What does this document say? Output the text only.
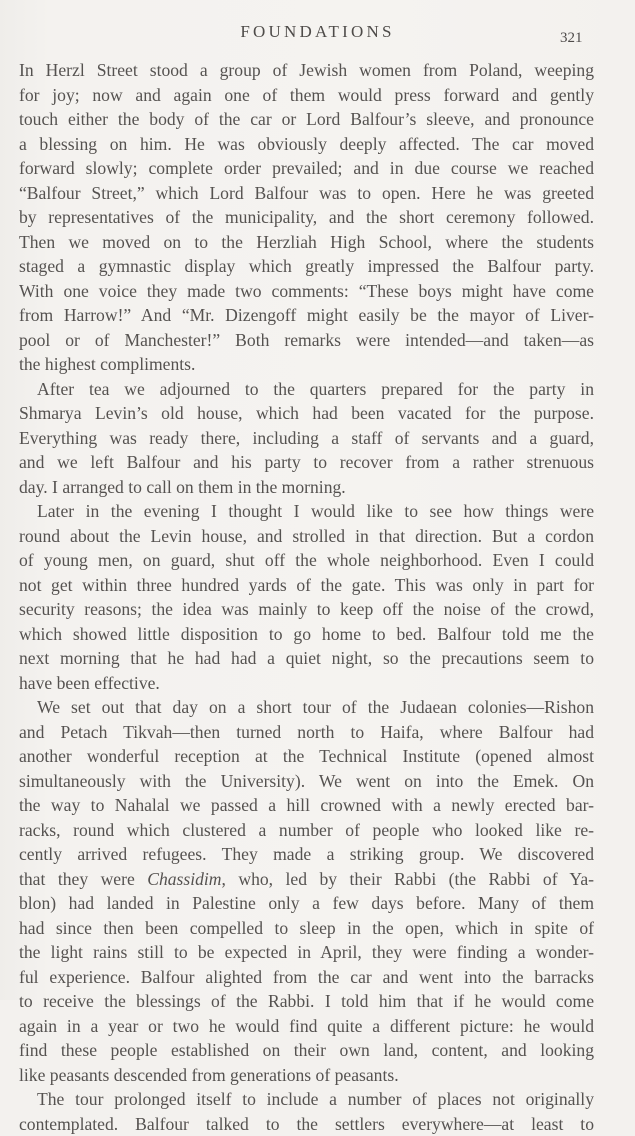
FOUNDATIONS	321
In Herzl Street stood a group of Jewish women from Poland, weeping
for joy; now and again one of them would press forward and gently
touch either the body of the car or Lord Balfour’s sleeve, and pronounce
a blessing on him. He was obviously deeply affected. The car moved
forward slowly; complete order prevailed; and in due course we reached
“Balfour Street,” which Lord Balfour was to open. Here he was greeted
by representatives of the municipality, and the short ceremony followed.
Then we moved on to the Herzliah High School, where the students
staged a gymnastic display which greatly impressed the Balfour party.
With one voice they made two comments: “These boys might have come
from Harrow!” And “Mr. Dizengoff might easily be the mayor of Liver-
pool or of Manchester!” Both remarks were intended—and taken—as
the highest compliments.
After tea we adjourned to the quarters prepared for the party in
Shmarya Levin’s old house, which had been vacated for the purpose.
Everything was ready there, including a staff of servants and a guard,
and we left Balfour and his party to recover from a rather strenuous
day. I arranged to call on them in the morning.
Later in the evening I thought I would like to see how things were
round about the Levin house, and strolled in that direction. But a cordon
of young men, on guard, shut off the whole neighborhood. Even I could
not get within three hundred yards of the gate. This was only in part for
security reasons; the idea was mainly to keep off the noise of the crowd,
which showed little disposition to go home to bed. Balfour told me the
next morning that he had had a quiet night, so the precautions seem to
have been effective.
We set out that day on a short tour of the Judaean colonies—Rishon
and Petach Tikvah—then turned north to Haifa, where Balfour had
another wonderful reception at the Technical Institute (opened almost
simultaneously with the University). We went on into the Emek. On
the way to Nahalal we passed a hill crowned with a newly erected bar-
racks, round which clustered a number of people who looked like re-
cently arrived refugees. They made a striking group. We discovered
that they were Chassidim, who, led by their Rabbi (the Rabbi of Ya-
blon) had landed in Palestine only a few days before. Many of them
had since then been compelled to sleep in the open, which in spite of
the light rains still to be expected in April, they were finding a wonder-
ful experience. Balfour alighted from the car and went into the barracks
to receive the blessings of the Rabbi. I told him that if he would come
again in a year or two he would find quite a different picture: he would
find these people established on their own land, content, and looking
like peasants descended from generations of peasants.
The tour prolonged itself to include a number of places not originally
contemplated. Balfour talked to the settlers everywhere—at least to
